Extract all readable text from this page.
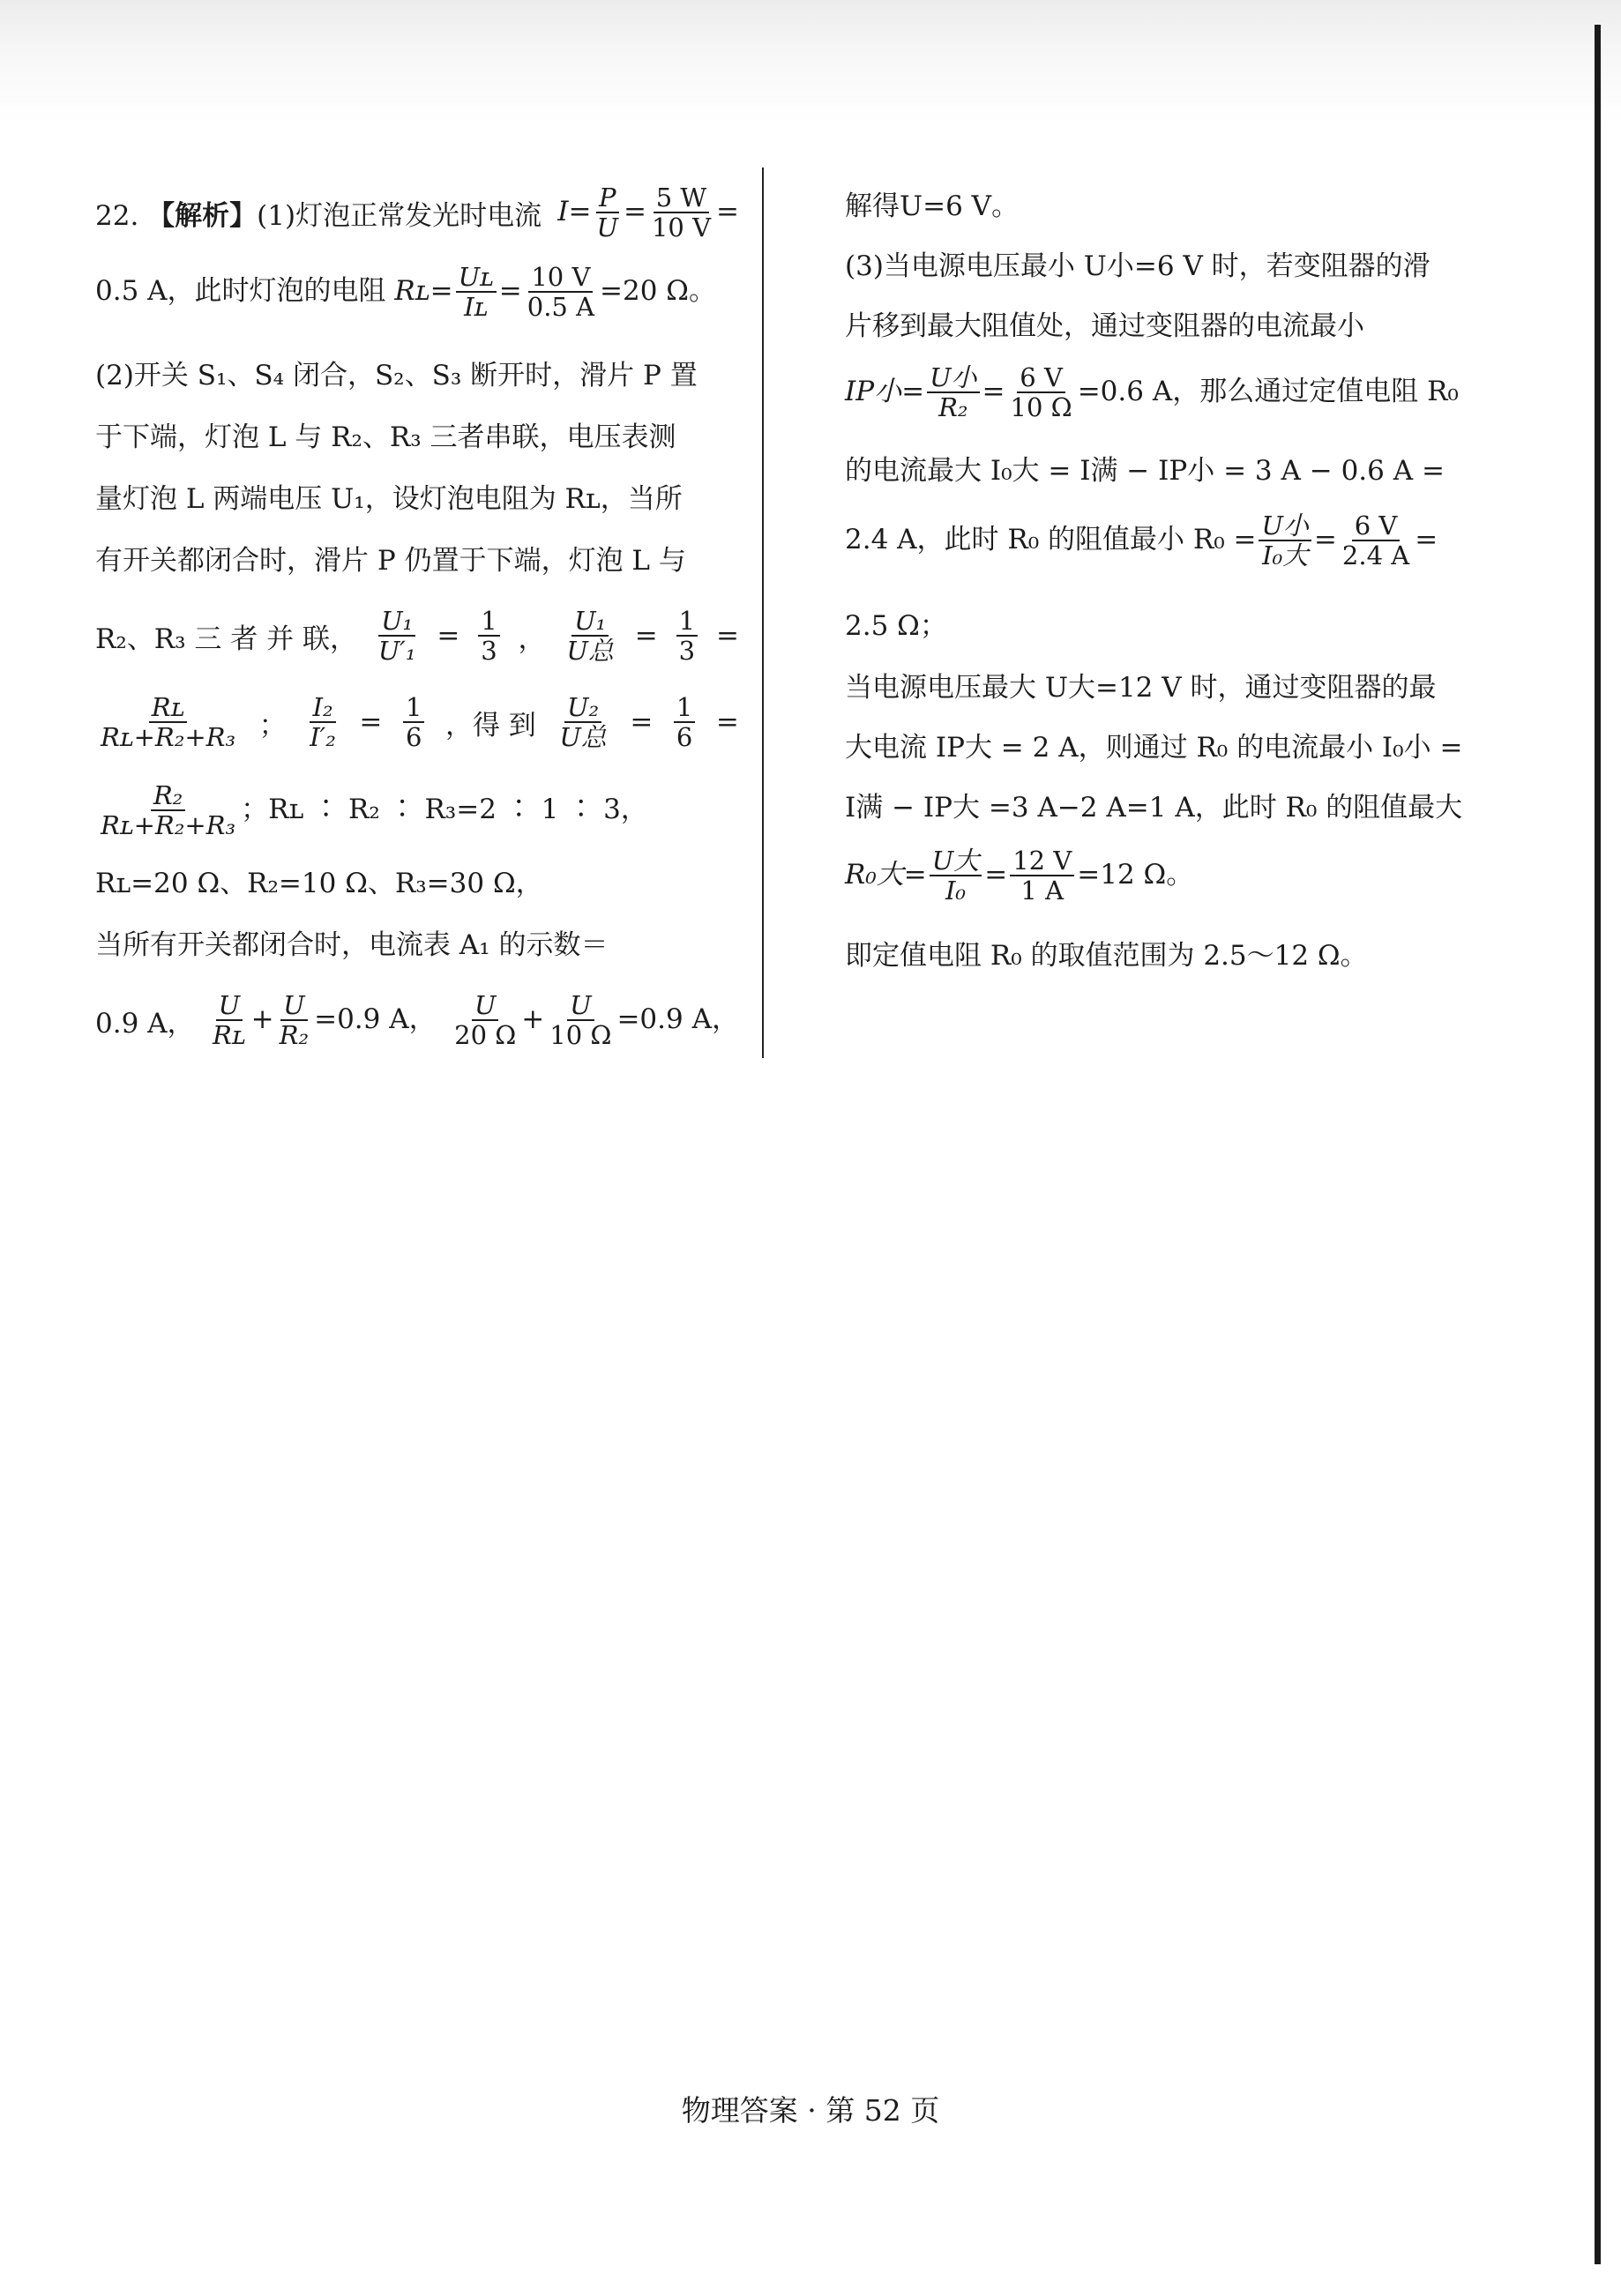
22. 【解析】(1)灯泡正常发光时电流 $I= \frac{P}{U} = \frac{5 W}{10 V}$ =
0.5 A，此时灯泡的电阻 Rʟ= $\frac{\text{Uʟ}}{\text{Iʟ}} = \frac{10 V}{0.5 A} =20$ Ω。
(2)开关 S₁、S₄ 闭合，S₂、S₃ 断开时，滑片 P 置
于下端，灯泡 L 与 R₂、R₃ 三者串联，电压表测
量灯泡 L 两端电压 U₁，设灯泡电阻为 Rʟ，当所
有开关都闭合时，滑片 P 仍置于下端，灯泡 L 与
R₂、R₃ 三 者 并 联， $\frac{\text{U₁}}{\text{U′₁}} = \frac{1}{3}$ ， $\frac{\text{U₁}}{\text{U总}} = \frac{1}{3}$ =
$\frac{\text{Rʟ}}{\text{Rʟ+R₂+R₃}}$ ； $\frac{\text{I₂}}{\text{I′₂}} = \frac{1}{6}$ ，得 到 $\frac{\text{U₂}}{\text{U总}} = \frac{1}{6}$ =
$\frac{\text{R₂}}{\text{Rʟ+R₂+R₃}}$ ；Rʟ ∶ R₂ ∶ R₃=2 ∶ 1 ∶ 3，
Rʟ=20 Ω、R₂=10 Ω、R₃=30 Ω，
当所有开关都闭合时，电流表 A₁ 的示数＝
0.9 A， $\frac{U}{\text{Rʟ}} + \frac{U}{\text{R₂}} =0.9$ A， $\frac{U}{20 \Omega} + \frac{U}{10 \Omega} =0.9$ A，
解得U=6 V。
(3)当电源电压最小 U小=6 V 时，若变阻器的滑
片移到最大阻值处，通过变阻器的电流最小
IP小= $\frac{\text{U小}}{\text{R₂}} = \frac{6 V}{10 \Omega} =0.6$ A，那么通过定值电阻 R₀
的电流最大 I₀大 = I满 − IP小 = 3 A − 0.6 A =
2.4 A，此时 R₀ 的阻值最小 $R_0 = \frac{\text{U小}}{\text{I₀大}} = \frac{6 V}{2.4 A}$ =
2.5 Ω；
当电源电压最大 U大=12 V 时，通过变阻器的最
大电流 IP大 = 2 A，则通过 R₀ 的电流最小 I₀小 =
I满 − IP大 =3 A−2 A=1 A，此时 R₀ 的阻值最大
R₀大= $\frac{\text{U大}}{\text{I₀}} = \frac{12 V}{1 A} =12$ Ω。
即定值电阻 R₀ 的取值范围为 2.5～12 Ω。
物理答案 · 第 52 页
